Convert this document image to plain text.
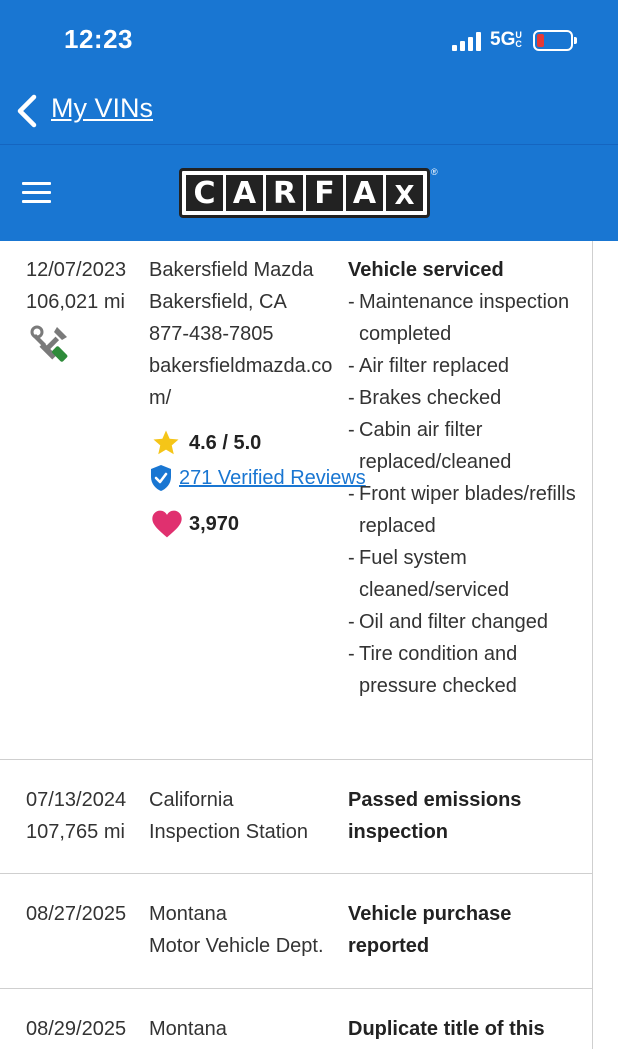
12:23	5GUC
My VINs
C A R F A X
®
12/07/2023
106,021 mi
Bakersfield Mazda
Bakersfield, CA
877-438-7805
bakersfieldmazda.com/
4.6 / 5.0
271 Verified Reviews
3,970
Vehicle serviced
- Maintenance inspection completed
- Air filter replaced
- Brakes checked
- Cabin air filter replaced/cleaned
- Front wiper blades/refills replaced
- Fuel system cleaned/serviced
- Oil and filter changed
- Tire condition and pressure checked
07/13/2024
107,765 mi
California
Inspection Station
Passed emissions inspection
08/27/2025 Montana
Motor Vehicle Dept.
Vehicle purchase reported
08/29/2025 Montana	Duplicate title of this
